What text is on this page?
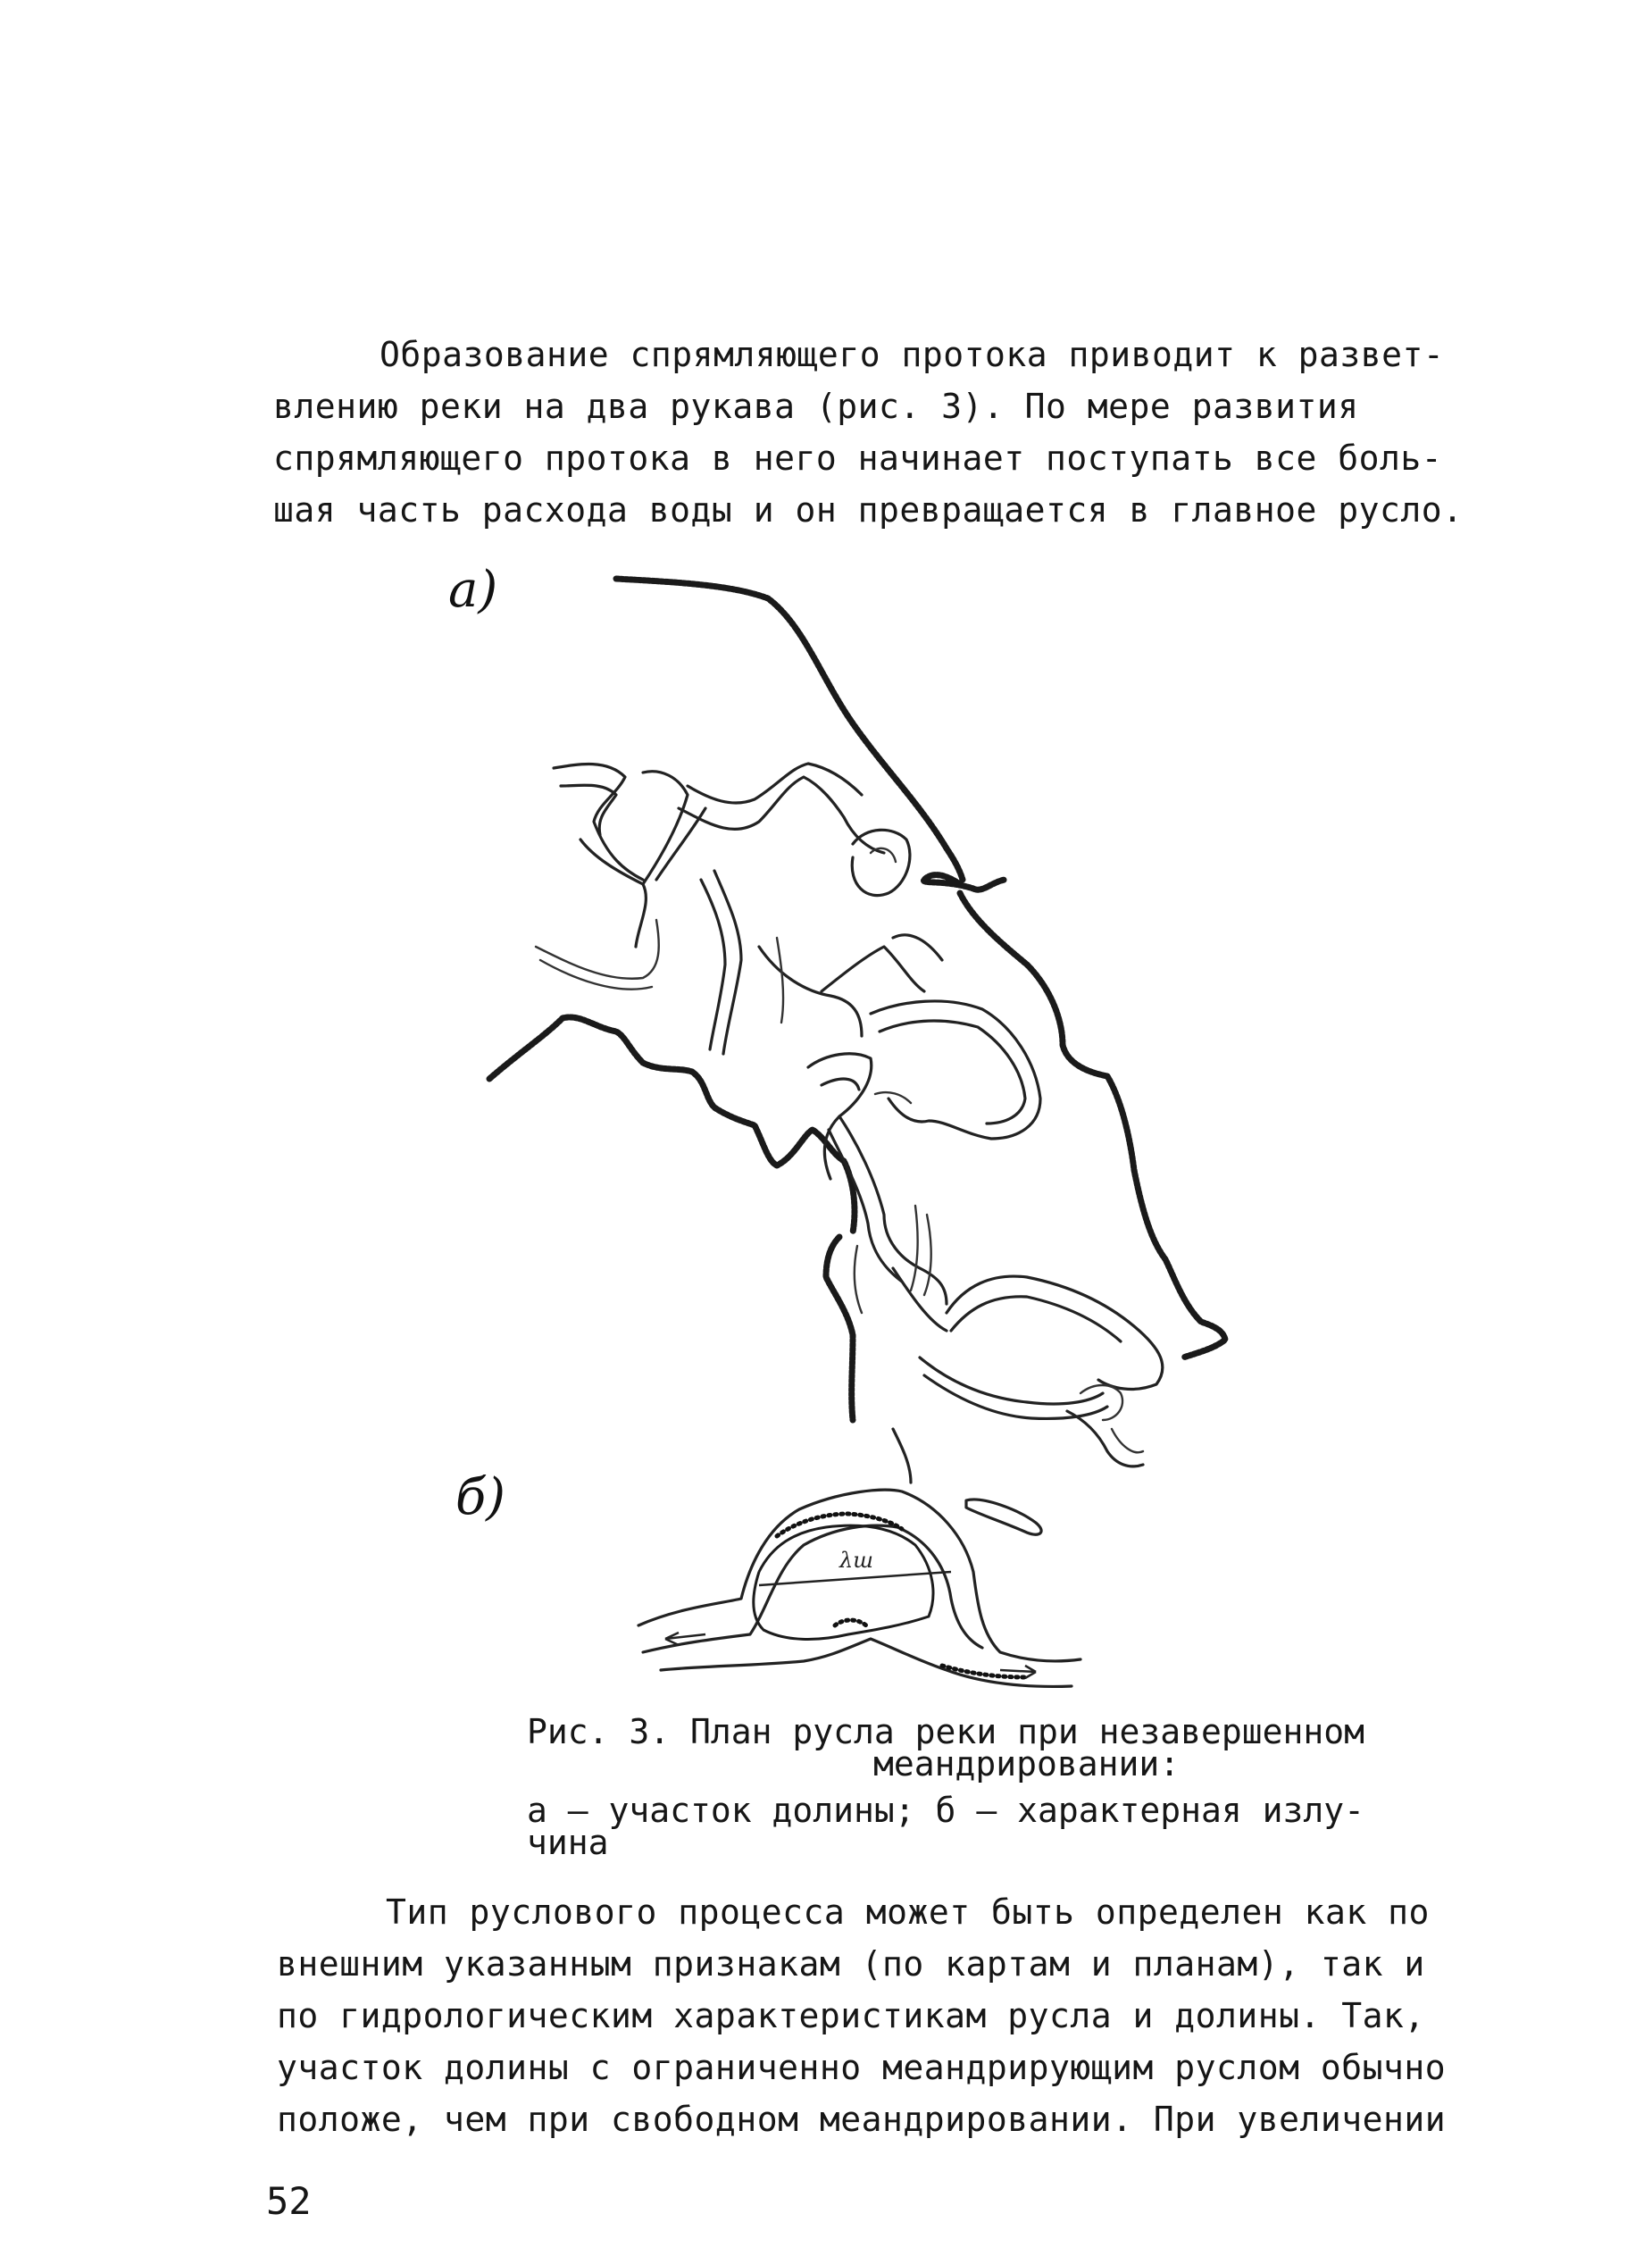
Образование спрямляющего протока приводит к развет-
влению реки на два рукава (рис. 3). По мере развития
спрямляющего протока в него начинает поступать все боль-
шая часть расхода воды и он превращается в главное русло.
а)
б)
λш
Рис. 3. План русла реки при незавершенном
меандрировании:
а – участок долины; б – характерная излу-
чина
Тип руслового процесса может быть определен как по
внешним указанным признакам (по картам и планам), так и
по гидрологическим характеристикам русла и долины. Так,
участок долины с ограниченно меандрирующим руслом обычно
положе, чем при свободном меандрировании. При увеличении
52
